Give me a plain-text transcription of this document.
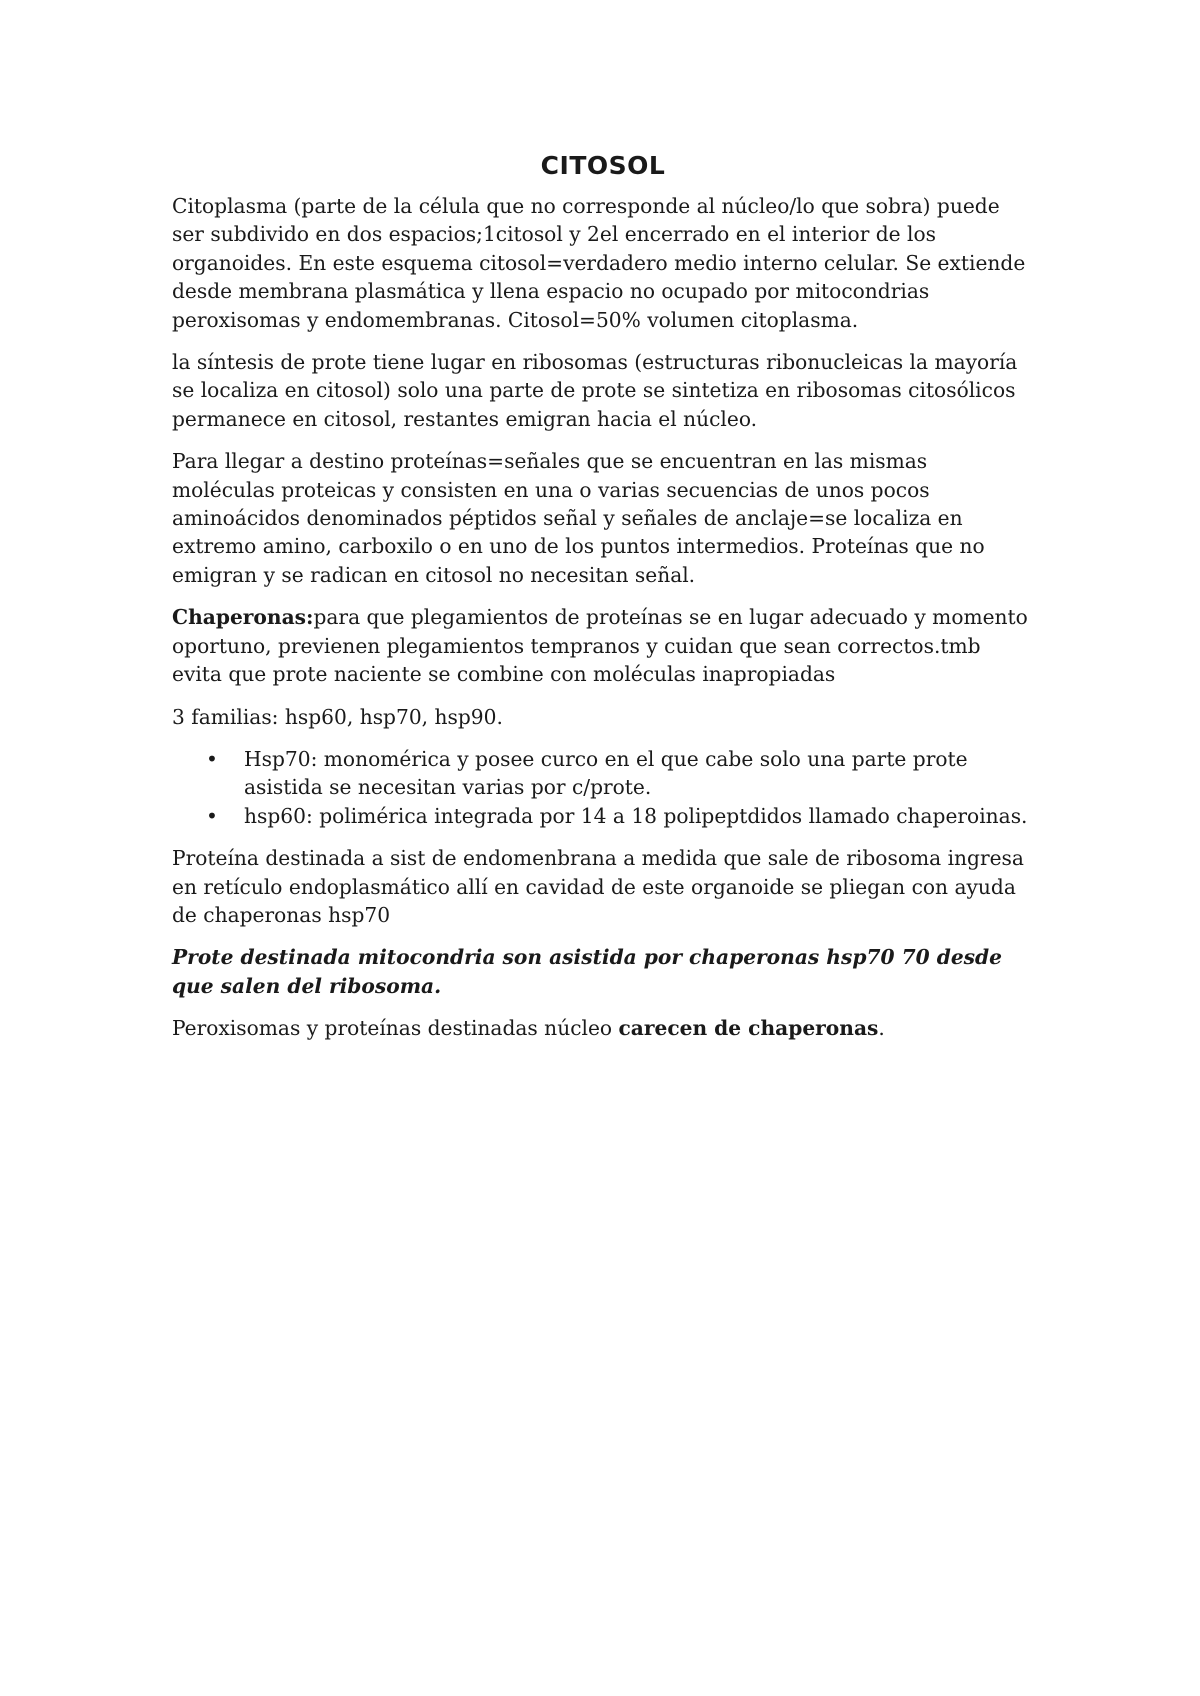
CITOSOL

Citoplasma (parte de la célula que no corresponde al núcleo/lo que sobra) puede ser subdivido en dos espacios;1citosol y 2el encerrado en el interior de los organoides. En este esquema citosol=verdadero medio interno celular. Se extiende desde membrana plasmática y llena espacio no ocupado por mitocondrias peroxisomas y endomembranas. Citosol=50% volumen citoplasma.

la síntesis de prote tiene lugar en ribosomas (estructuras ribonucleicas la mayoría se localiza en citosol) solo una parte de prote se sintetiza en ribosomas citosólicos permanece en citosol, restantes emigran hacia el núcleo.

Para llegar a destino proteínas=señales que se encuentran en las mismas moléculas proteicas y consisten en una o varias secuencias de unos pocos aminoácidos denominados péptidos señal y señales de anclaje=se localiza en extremo amino, carboxilo o en uno de los puntos intermedios. Proteínas que no emigran y se radican en citosol no necesitan señal.

Chaperonas:para que plegamientos de proteínas se en lugar adecuado y momento oportuno, previenen plegamientos tempranos y cuidan que sean correctos.tmb evita que prote naciente se combine con moléculas inapropiadas

3 familias: hsp60, hsp70, hsp90.

• Hsp70: monomérica y posee curco en el que cabe solo una parte prote asistida se necesitan varias por c/prote.
• hsp60: polimérica integrada por 14 a 18 polipeptdidos llamado chaperoinas.

Proteína destinada a sist de endomenbrana a medida que sale de ribosoma ingresa en retículo endoplasmático allí en cavidad de este organoide se pliegan con ayuda de chaperonas hsp70

Prote destinada mitocondria son asistida por chaperonas hsp70 70 desde que salen del ribosoma.

Peroxisomas y proteínas destinadas núcleo carecen de chaperonas.
